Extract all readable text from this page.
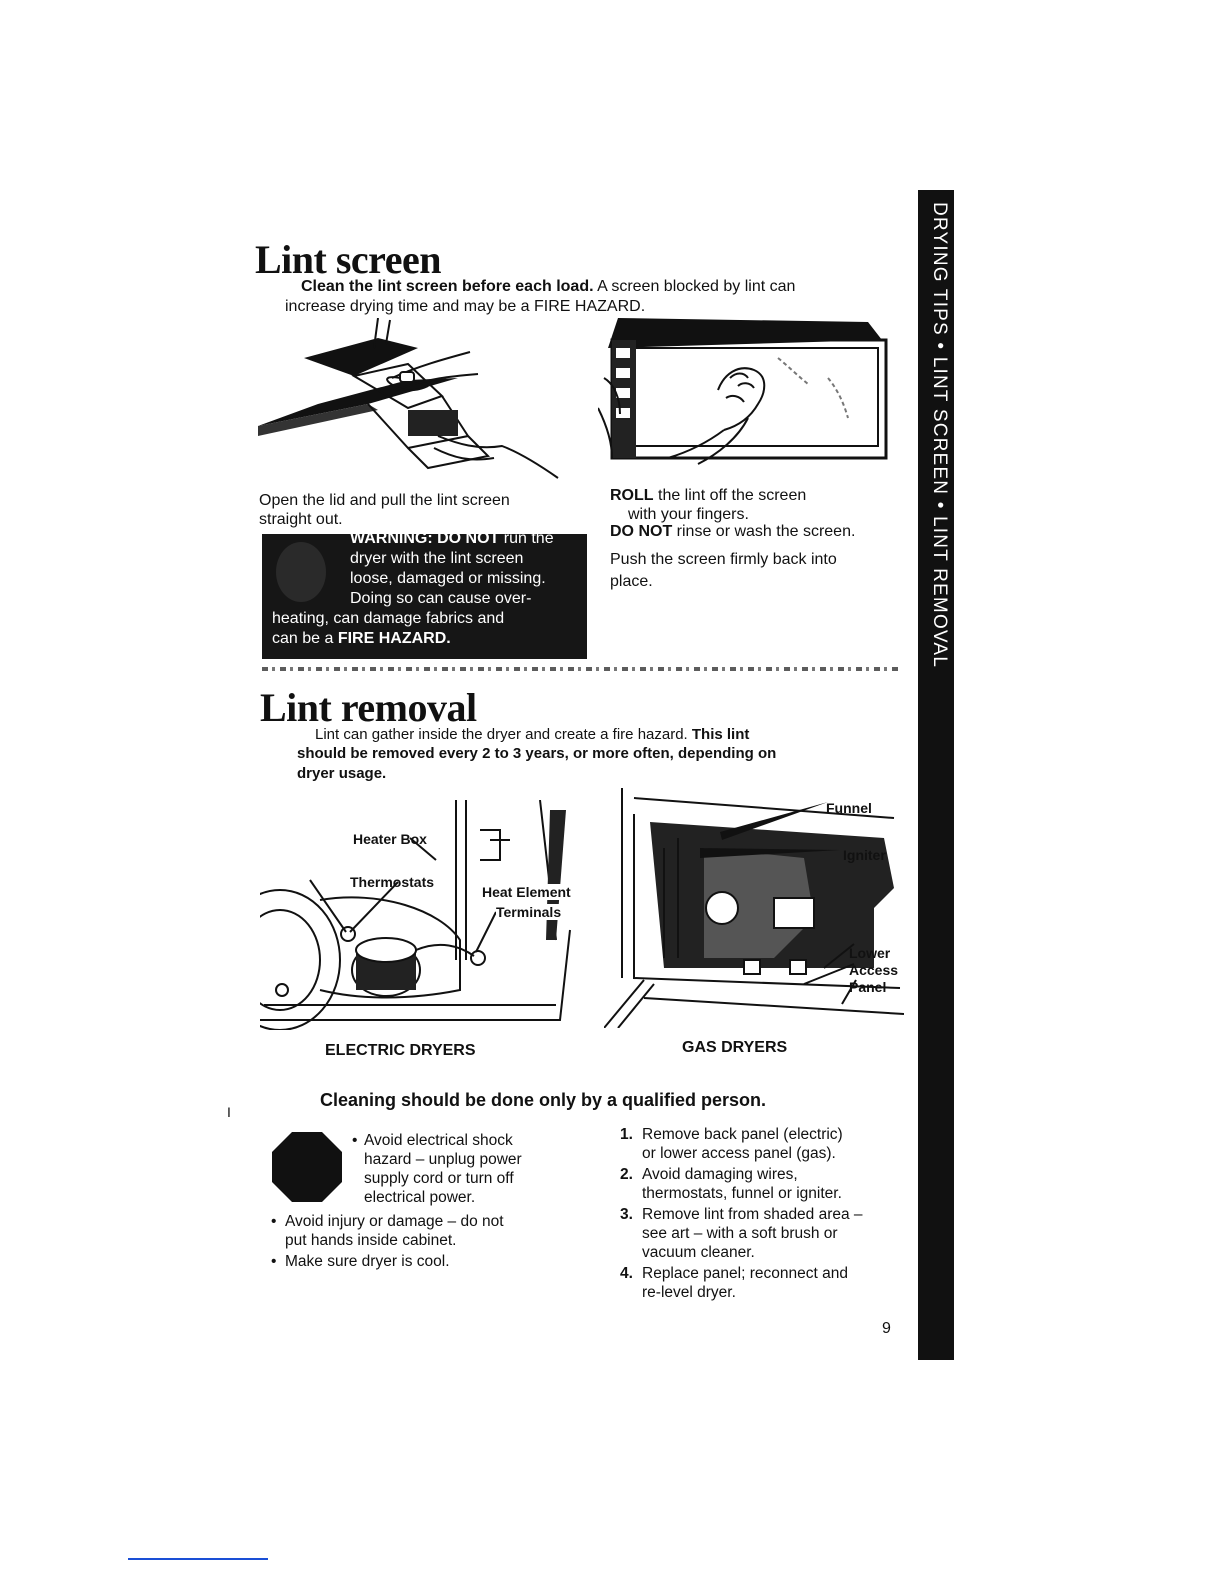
DRYING TIPS • LINT SCREEN • LINT REMOVAL
Lint screen
Clean the lint screen before each load. A screen blocked by lint can
increase drying time and may be a FIRE HAZARD.
Open the lid and pull the lint screen
straight out.
ROLL the lint off the screen
with your fingers.
DO NOT rinse or wash the screen.
Push the screen firmly back into
place.
WARNING: DO NOT run the
dryer with the lint screen
loose, damaged or missing.
Doing so can cause over-
heating, can damage fabrics and
can be a FIRE HAZARD.
Lint removal
Lint can gather inside the dryer and create a fire hazard. This lint
should be removed every 2 to 3 years, or more often, depending on
dryer usage.
Heater Box
Thermostats
Heat Element
Terminals
ELECTRIC DRYERS
Funnel
Igniter
Lower
Access
Panel
GAS DRYERS
Cleaning should be done only by a qualified person.
I
• Avoid electrical shock
hazard – unplug power
supply cord or turn off
electrical power.
• Avoid injury or damage – do not
put hands inside cabinet.
• Make sure dryer is cool.
1. Remove back panel (electric)
or lower access panel (gas).
2. Avoid damaging wires,
thermostats, funnel or igniter.
3. Remove lint from shaded area –
see art – with a soft brush or
vacuum cleaner.
4. Replace panel; reconnect and
re-level dryer.
9
